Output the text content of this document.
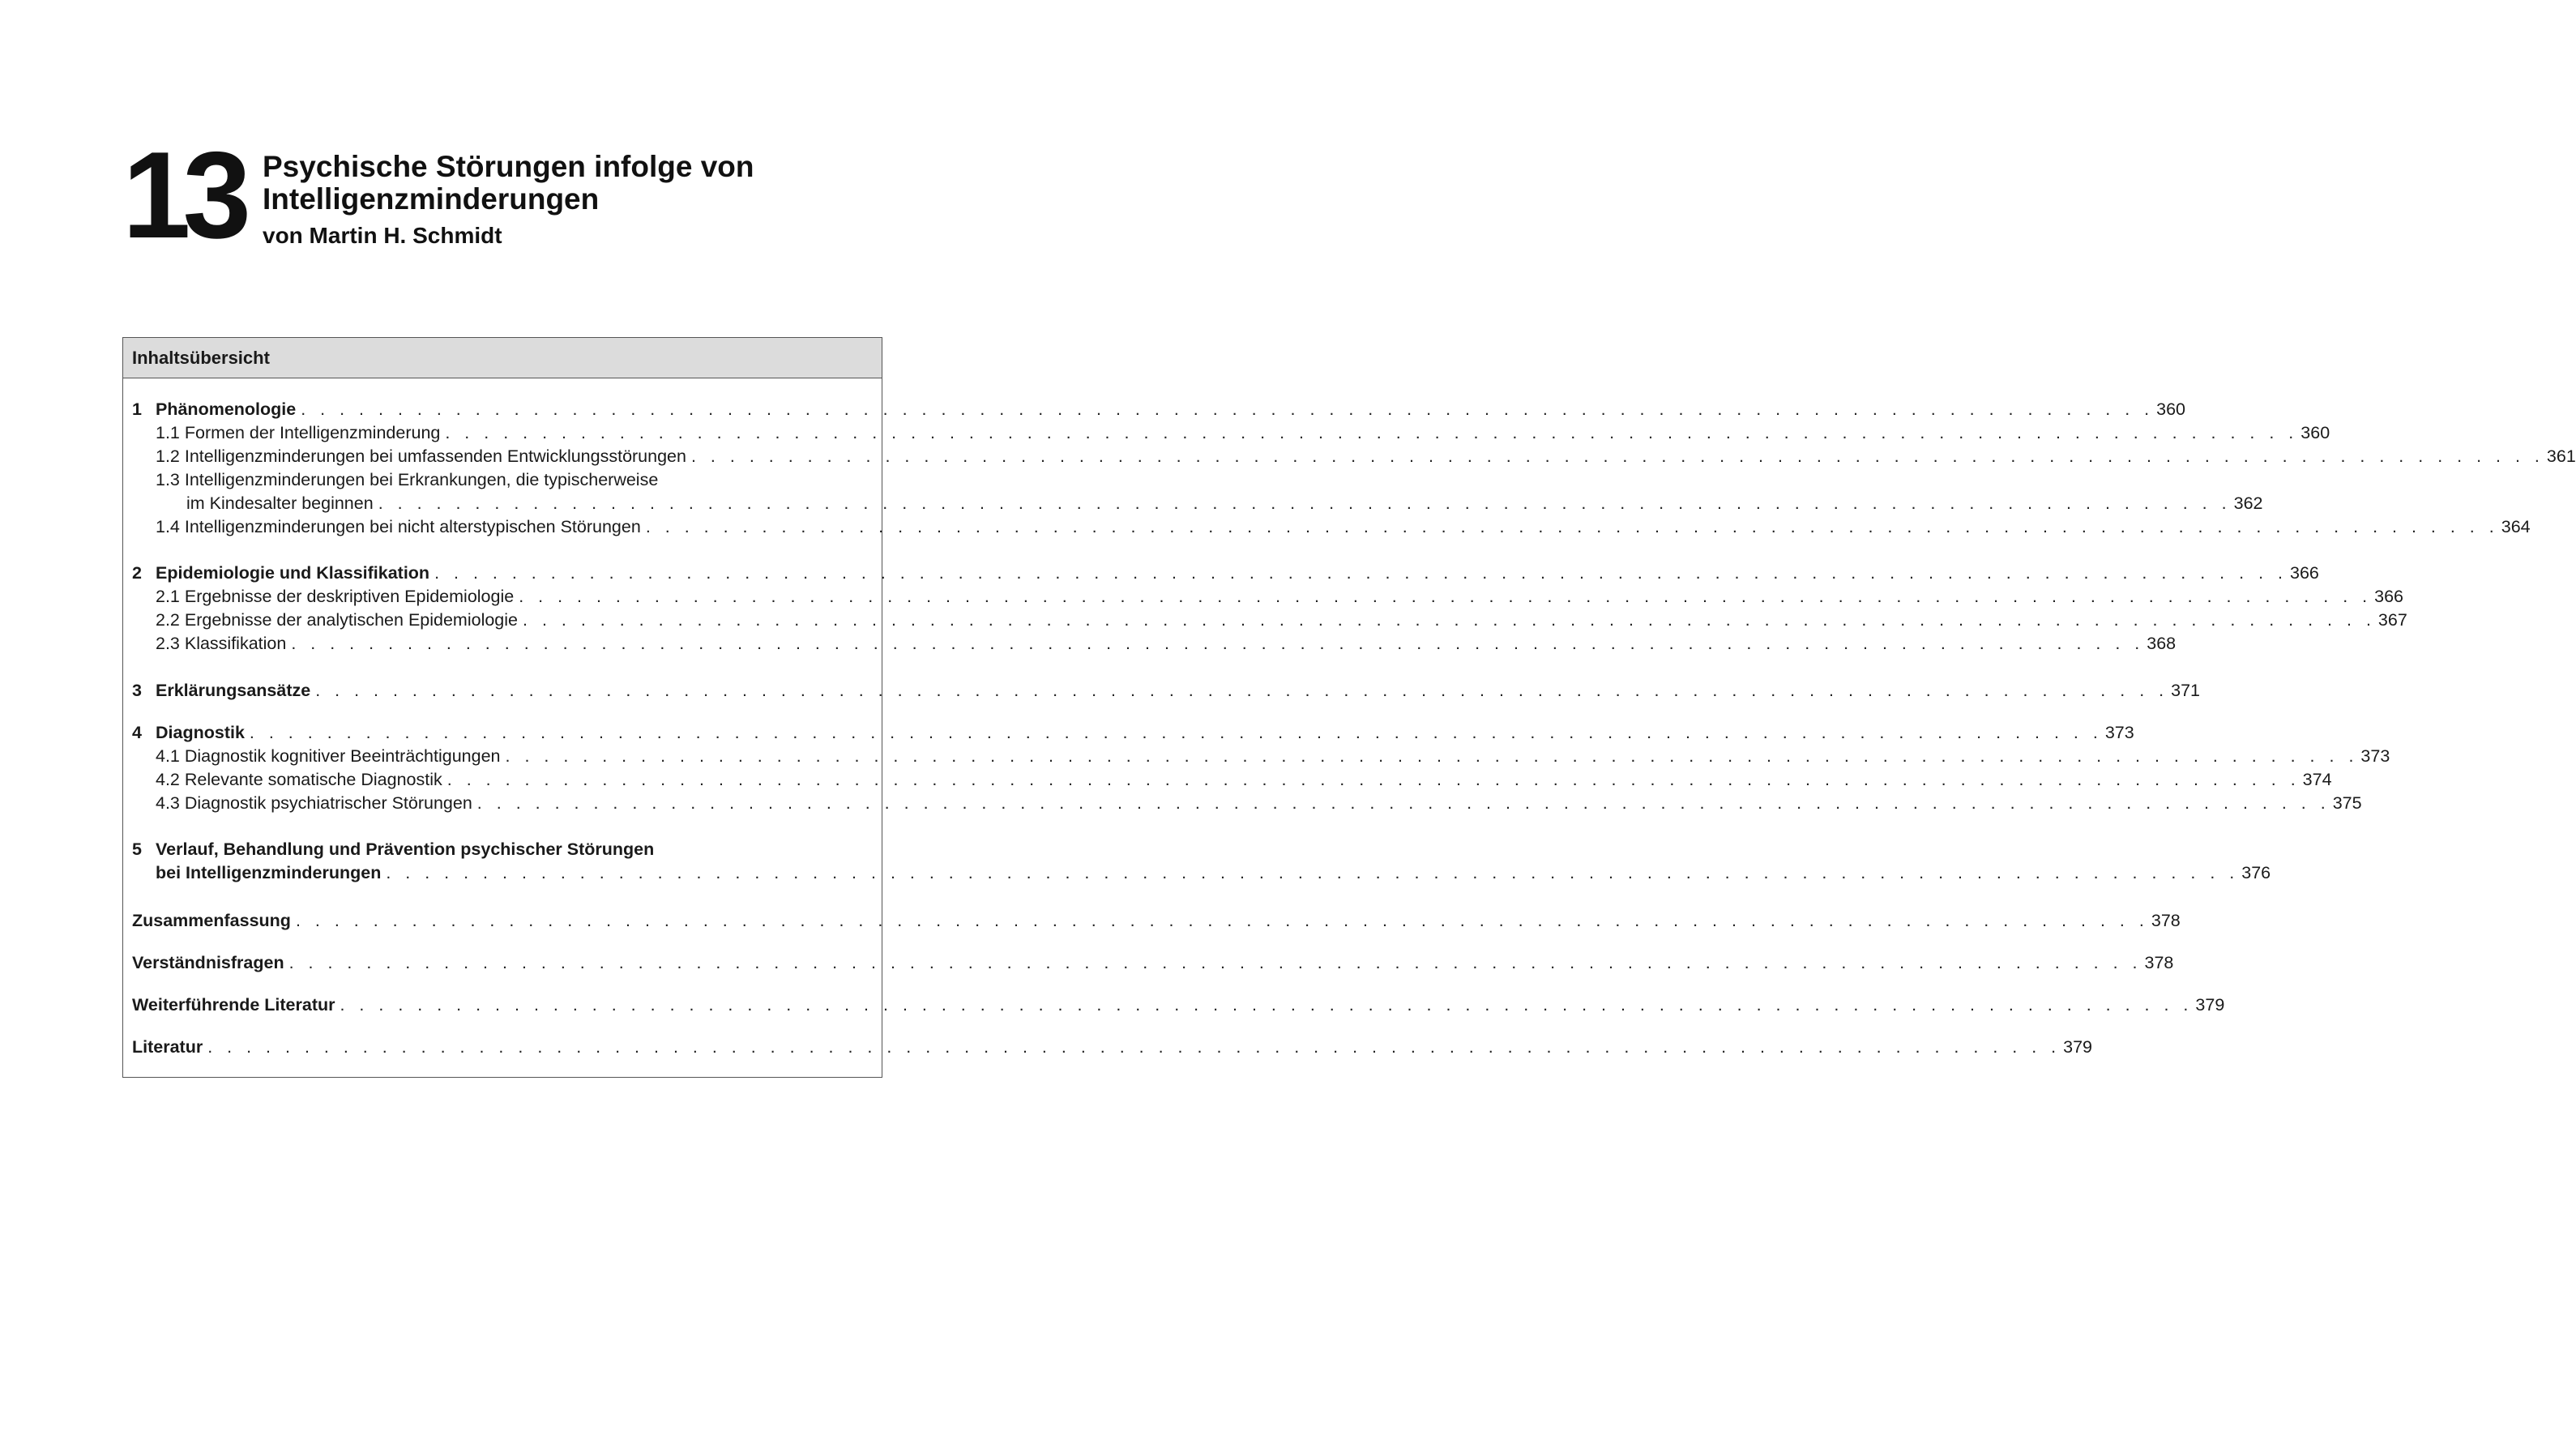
13 Psychische Störungen infolge von
Intelligenzminderungen
von Martin H. Schmidt
Inhaltsübersicht
1 Phänomenologie . . . . . . . . . . . . . . . . . . . . . . . . . . . . . . . . . . . . . . . . . . . . . . . . . . . . . . . . . . . . . . . . . . . . . . . . . . . . . . . . . . . . . . . . . . . . . . . . 360
1.1 Formen der Intelligenzminderung . . . . . . . . . . . . . . . . . . . . . . . . . . . . . . . . . . . . . . . . . . . . . . . . . . . . . . . . . . . . . . . . . . . . . . . . . . . . . . . . . . . . . . . . . . . . . . . . 360
1.2 Intelligenzminderungen bei umfassenden Entwicklungsstörungen . . . . . . . . . . . . . . . . . . . . . . . . . . . . . . . . . . . . . . . . . . . . . . . . . . . . . . . . . . . . . . . . . . . . . . . . . . . . . . . . . . . . . . . . . . . . . . . . 361
1.3 Intelligenzminderungen bei Erkrankungen, die typischerweise
im Kindesalter beginnen . . . . . . . . . . . . . . . . . . . . . . . . . . . . . . . . . . . . . . . . . . . . . . . . . . . . . . . . . . . . . . . . . . . . . . . . . . . . . . . . . . . . . . . . . . . . . . . . 362
1.4 Intelligenzminderungen bei nicht alterstypischen Störungen . . . . . . . . . . . . . . . . . . . . . . . . . . . . . . . . . . . . . . . . . . . . . . . . . . . . . . . . . . . . . . . . . . . . . . . . . . . . . . . . . . . . . . . . . . . . . . . . 364
2 Epidemiologie und Klassifikation . . . . . . . . . . . . . . . . . . . . . . . . . . . . . . . . . . . . . . . . . . . . . . . . . . . . . . . . . . . . . . . . . . . . . . . . . . . . . . . . . . . . . . . . . . . . . . . . 366
2.1 Ergebnisse der deskriptiven Epidemiologie . . . . . . . . . . . . . . . . . . . . . . . . . . . . . . . . . . . . . . . . . . . . . . . . . . . . . . . . . . . . . . . . . . . . . . . . . . . . . . . . . . . . . . . . . . . . . . . . 366
2.2 Ergebnisse der analytischen Epidemiologie . . . . . . . . . . . . . . . . . . . . . . . . . . . . . . . . . . . . . . . . . . . . . . . . . . . . . . . . . . . . . . . . . . . . . . . . . . . . . . . . . . . . . . . . . . . . . . . . 367
2.3 Klassifikation . . . . . . . . . . . . . . . . . . . . . . . . . . . . . . . . . . . . . . . . . . . . . . . . . . . . . . . . . . . . . . . . . . . . . . . . . . . . . . . . . . . . . . . . . . . . . . . . 368
3 Erklärungsansätze . . . . . . . . . . . . . . . . . . . . . . . . . . . . . . . . . . . . . . . . . . . . . . . . . . . . . . . . . . . . . . . . . . . . . . . . . . . . . . . . . . . . . . . . . . . . . . . . 371
4 Diagnostik . . . . . . . . . . . . . . . . . . . . . . . . . . . . . . . . . . . . . . . . . . . . . . . . . . . . . . . . . . . . . . . . . . . . . . . . . . . . . . . . . . . . . . . . . . . . . . . . 373
4.1 Diagnostik kognitiver Beeinträchtigungen . . . . . . . . . . . . . . . . . . . . . . . . . . . . . . . . . . . . . . . . . . . . . . . . . . . . . . . . . . . . . . . . . . . . . . . . . . . . . . . . . . . . . . . . . . . . . . . . 373
4.2 Relevante somatische Diagnostik . . . . . . . . . . . . . . . . . . . . . . . . . . . . . . . . . . . . . . . . . . . . . . . . . . . . . . . . . . . . . . . . . . . . . . . . . . . . . . . . . . . . . . . . . . . . . . . . 374
4.3 Diagnostik psychiatrischer Störungen . . . . . . . . . . . . . . . . . . . . . . . . . . . . . . . . . . . . . . . . . . . . . . . . . . . . . . . . . . . . . . . . . . . . . . . . . . . . . . . . . . . . . . . . . . . . . . . . 375
5 Verlauf, Behandlung und Prävention psychischer Störungen
bei Intelligenzminderungen . . . . . . . . . . . . . . . . . . . . . . . . . . . . . . . . . . . . . . . . . . . . . . . . . . . . . . . . . . . . . . . . . . . . . . . . . . . . . . . . . . . . . . . . . . . . . . . . 376
Zusammenfassung . . . . . . . . . . . . . . . . . . . . . . . . . . . . . . . . . . . . . . . . . . . . . . . . . . . . . . . . . . . . . . . . . . . . . . . . . . . . . . . . . . . . . . . . . . . . . . . . 378
Verständnisfragen . . . . . . . . . . . . . . . . . . . . . . . . . . . . . . . . . . . . . . . . . . . . . . . . . . . . . . . . . . . . . . . . . . . . . . . . . . . . . . . . . . . . . . . . . . . . . . . . 378
Weiterführende Literatur . . . . . . . . . . . . . . . . . . . . . . . . . . . . . . . . . . . . . . . . . . . . . . . . . . . . . . . . . . . . . . . . . . . . . . . . . . . . . . . . . . . . . . . . . . . . . . . . 379
Literatur . . . . . . . . . . . . . . . . . . . . . . . . . . . . . . . . . . . . . . . . . . . . . . . . . . . . . . . . . . . . . . . . . . . . . . . . . . . . . . . . . . . . . . . . . . . . . . . . 379
